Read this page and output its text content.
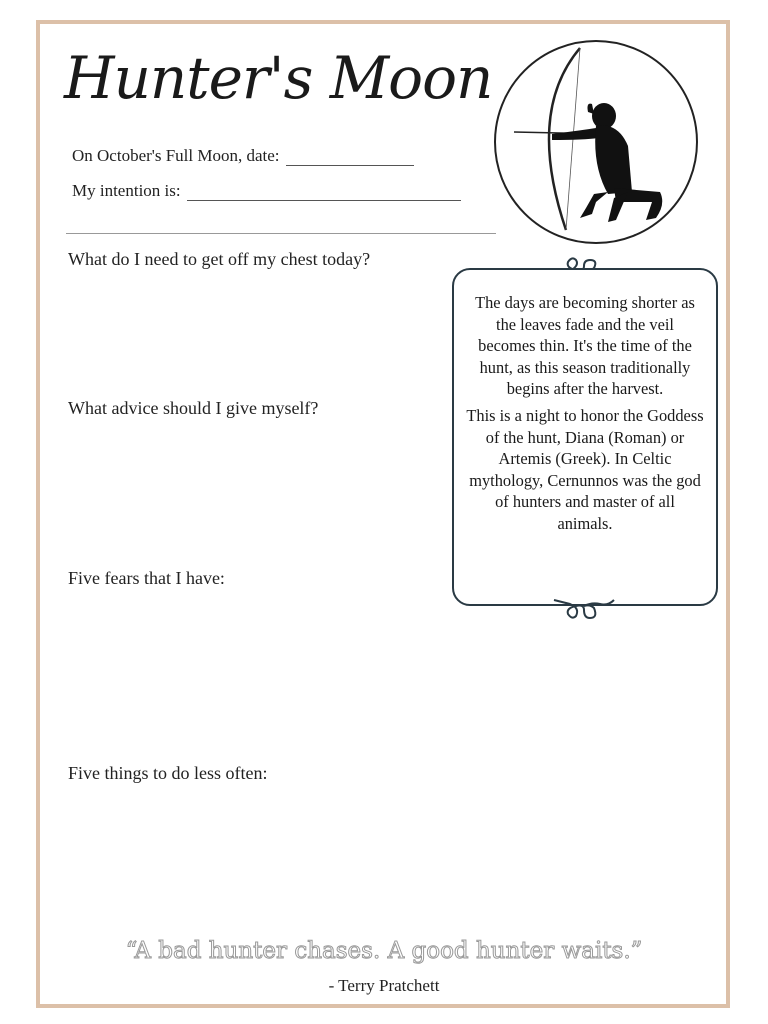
Hunter's Moon
On October's Full Moon, date:
My intention is:
What do I need to get off my chest today?
What advice should I give myself?
Five fears that I have:
Five things to do less often:

The days are becoming shorter as the leaves fade and the veil becomes thin. It's the time of the hunt, as this season traditionally begins after the harvest.

This is a night to honor the Goddess of the hunt, Diana (Roman) or Artemis (Greek). In Celtic mythology, Cernunnos was the god of hunters and master of all animals.

“A bad hunter chases. A good hunter waits.”
- Terry Pratchett
